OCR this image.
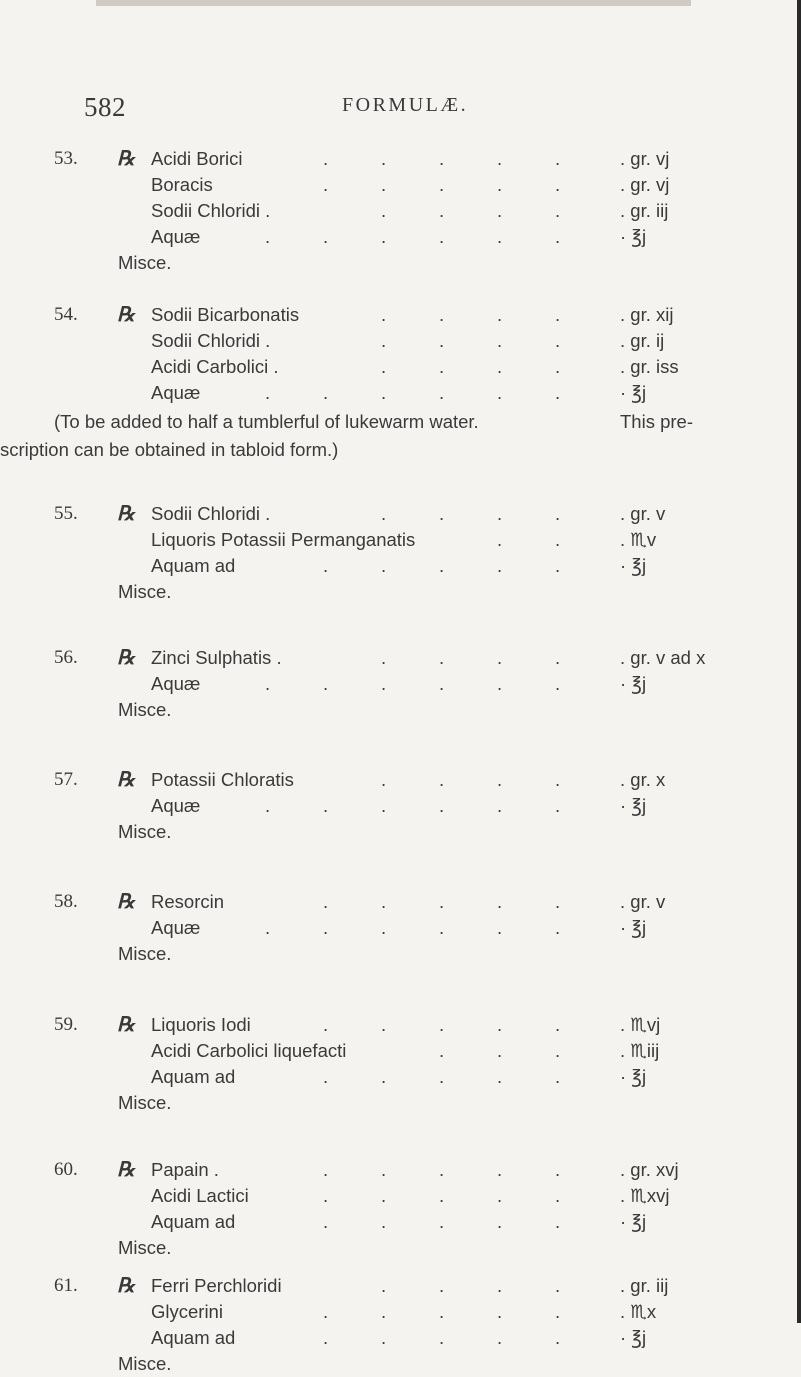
582	FORMULÆ.
53. ℞ Acidi Borici	.	.	.	.	.	. gr. vj
Boracis	.	.	.	.	.	. gr. vj
Sodii Chloridi .	.	.	.	.	. gr. iij
Aquæ	.	.	.	.	.	.	· ℥j
Misce.
54. ℞ Sodii Bicarbonatis	.	.	.	.	. gr. xij
Sodii Chloridi .	.	.	.	.	. gr. ij
Acidi Carbolici .	.	.	.	.	. gr. iss
Aquæ	.	.	.	.	.	.	· ℥j
(To be added to half a tumblerful of lukewarm water.	This pre-
scription can be obtained in tabloid form.)
55. ℞ Sodii Chloridi .	.	.	.	.	. gr. v
Liquoris Potassii Permanganatis	.	.	. ♏v
Aquam ad	.	.	.	.	.	· ℥j
Misce.
56. ℞ Zinci Sulphatis .	.	.	.	.	. gr. v ad x
Aquæ	.	.	.	.	.	.	· ℥j
Misce.
57. ℞ Potassii Chloratis	.	.	.	.	. gr. x
Aquæ	.	.	.	.	.	.	· ℥j
Misce.
58. ℞ Resorcin	.	.	.	.	.	. gr. v
Aquæ	.	.	.	.	.	.	· ℥j
Misce.
59. ℞ Liquoris Iodi	.	.	.	.	.	. ♏vj
Acidi Carbolici liquefacti	.	.	.	. ♏iij
Aquam ad	.	.	.	.	.	· ℥j
Misce.
60. ℞ Papain .	.	.	.	.	.	. gr. xvj
Acidi Lactici	.	.	.	.	.	. ♏xvj
Aquam ad	.	.	.	.	.	· ℥j
Misce.
61. ℞ Ferri Perchloridi	.	.	.	.	. gr. iij
Glycerini	.	.	.	.	.	. ♏x
Aquam ad	.	.	.	.	.	· ℥j
Misce.
